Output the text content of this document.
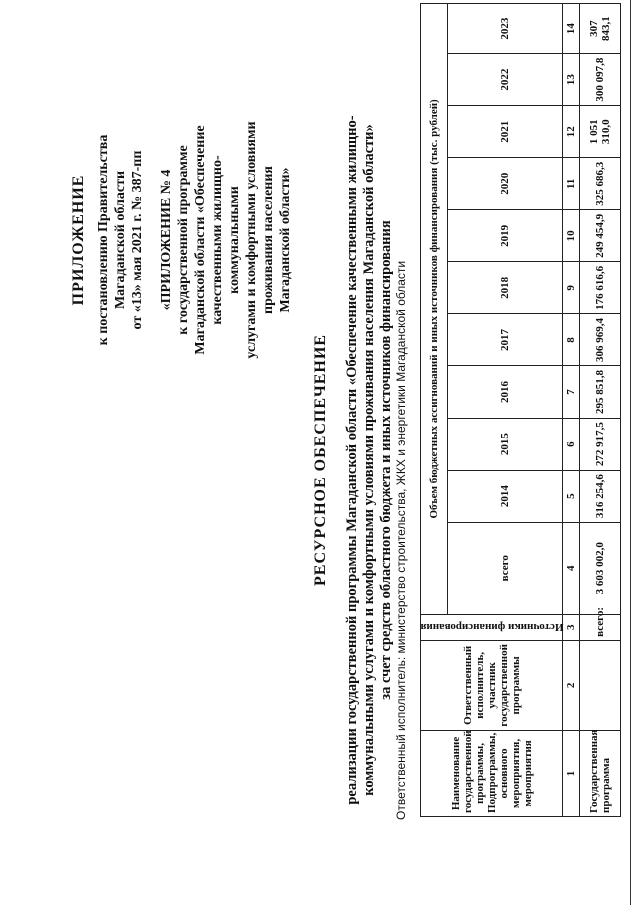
ПРИЛОЖЕНИЕ к постановлению Правительства Магаданской области от «13» мая 2021 г. № 387-пп «ПРИЛОЖЕНИЕ № 4 к государственной программе Магаданской области «Обеспечение качественными жилищно-коммунальными услугами и комфортными условиями проживания населения Магаданской области»
РЕСУРСНОЕ ОБЕСПЕЧЕНИЕ реализации государственной программы Магаданской области «Обеспечение качественными жилищно- коммунальными услугами и комфортными условиями проживания населения Магаданской области» за счет средств областного бюджета и иных источников финансирования Ответственный исполнитель: министерство строительства, ЖКХ и энергетики Магаданской области	Наименование государственной программы, Подпрограммы, основного мероприятия, мероприятия	Ответственный исполнитель, участник государственной программы	Источники финансирования	Объем бюджетных ассигнований и иных источников финансирования (тыс. рублей)										
			всего	2014	2015	2016	2017	2018	2019	2020	2021	2022	2023
1	2	3	4	5	6	7	8	9	10	11	12	13	14
Государственная программа		всего:	3 603 002,0	316 254,6	272 917,5	295 851,8	306 969,4	176 616,6	249 454,9	325 686,3	1 051 310,0	300 097,8	307 843,1
